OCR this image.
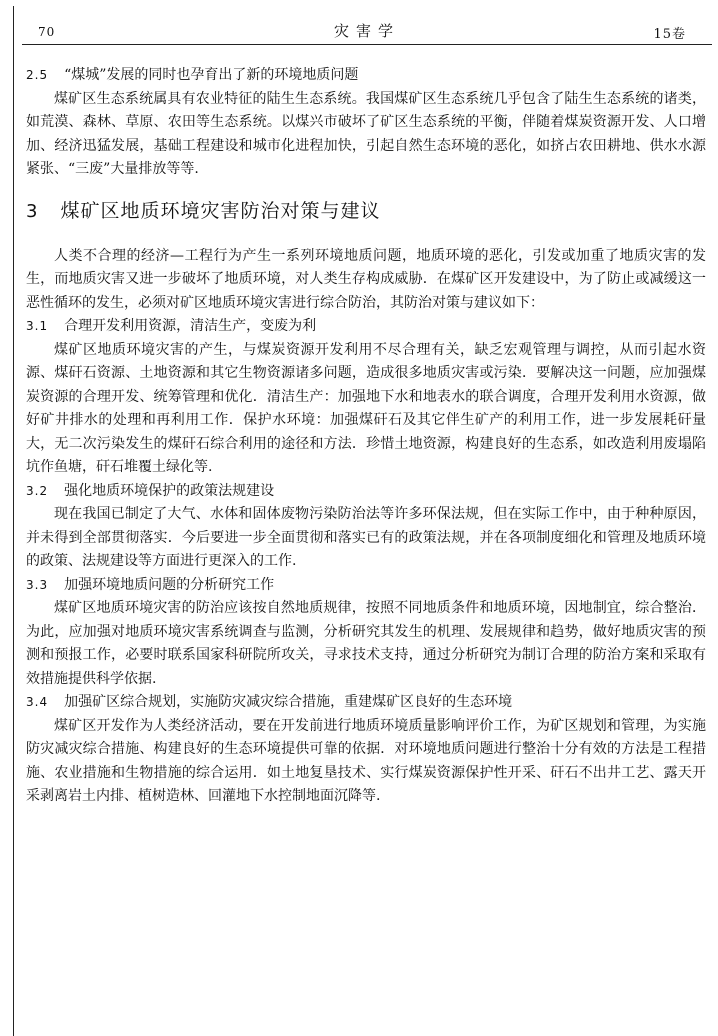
70	灾害学	15卷
2.5 “煤城”发展的同时也孕育出了新的环境地质问题

煤矿区生态系统属具有农业特征的陆生生态系统。我国煤矿区生态系统几乎包含了陆生生态系统的诸类，如荒漠、森林、草原、农田等生态系统。以煤兴市破坏了矿区生态系统的平衡，伴随着煤炭资源开发、人口增加、经济迅猛发展，基础工程建设和城市化进程加快，引起自然生态环境的恶化，如挤占农田耕地、供水水源紧张、“三废”大量排放等等.

3 煤矿区地质环境灾害防治对策与建议

人类不合理的经济—工程行为产生一系列环境地质问题，地质环境的恶化，引发或加重了地质灾害的发生，而地质灾害又进一步破坏了地质环境，对人类生存构成威胁．在煤矿区开发建设中，为了防止或减缓这一恶性循环的发生，必须对矿区地质环境灾害进行综合防治，其防治对策与建议如下：

3.1 合理开发利用资源，清洁生产，变废为利

煤矿区地质环境灾害的产生，与煤炭资源开发利用不尽合理有关，缺乏宏观管理与调控，从而引起水资源、煤矸石资源、土地资源和其它生物资源诸多问题，造成很多地质灾害或污染．要解决这一问题，应加强煤炭资源的合理开发、统筹管理和优化．清洁生产：加强地下水和地表水的联合调度，合理开发利用水资源，做好矿井排水的处理和再利用工作．保护水环境：加强煤矸石及其它伴生矿产的利用工作，进一步发展耗矸量大，无二次污染发生的煤矸石综合利用的途径和方法．珍惜土地资源，构建良好的生态系，如改造利用废塌陷坑作鱼塘，矸石堆覆土绿化等.

3.2 强化地质环境保护的政策法规建设

现在我国已制定了大气、水体和固体废物污染防治法等许多环保法规，但在实际工作中，由于种种原因，并未得到全部贯彻落实．今后要进一步全面贯彻和落实已有的政策法规，并在各项制度细化和管理及地质环境的政策、法规建设等方面进行更深入的工作.

3.3 加强环境地质问题的分析研究工作

煤矿区地质环境灾害的防治应该按自然地质规律，按照不同地质条件和地质环境，因地制宜，综合整治．为此，应加强对地质环境灾害系统调查与监测，分析研究其发生的机理、发展规律和趋势，做好地质灾害的预测和预报工作，必要时联系国家科研院所攻关，寻求技术支持，通过分析研究为制订合理的防治方案和采取有效措施提供科学依据.

3.4 加强矿区综合规划，实施防灾减灾综合措施，重建煤矿区良好的生态环境

煤矿区开发作为人类经济活动，要在开发前进行地质环境质量影响评价工作，为矿区规划和管理，为实施防灾减灾综合措施、构建良好的生态环境提供可靠的依据．对环境地质问题进行整治十分有效的方法是工程措施、农业措施和生物措施的综合运用．如土地复垦技术、实行煤炭资源保护性开采、矸石不出井工艺、露天开采剥离岩土内排、植树造林、回灌地下水控制地面沉降等.
